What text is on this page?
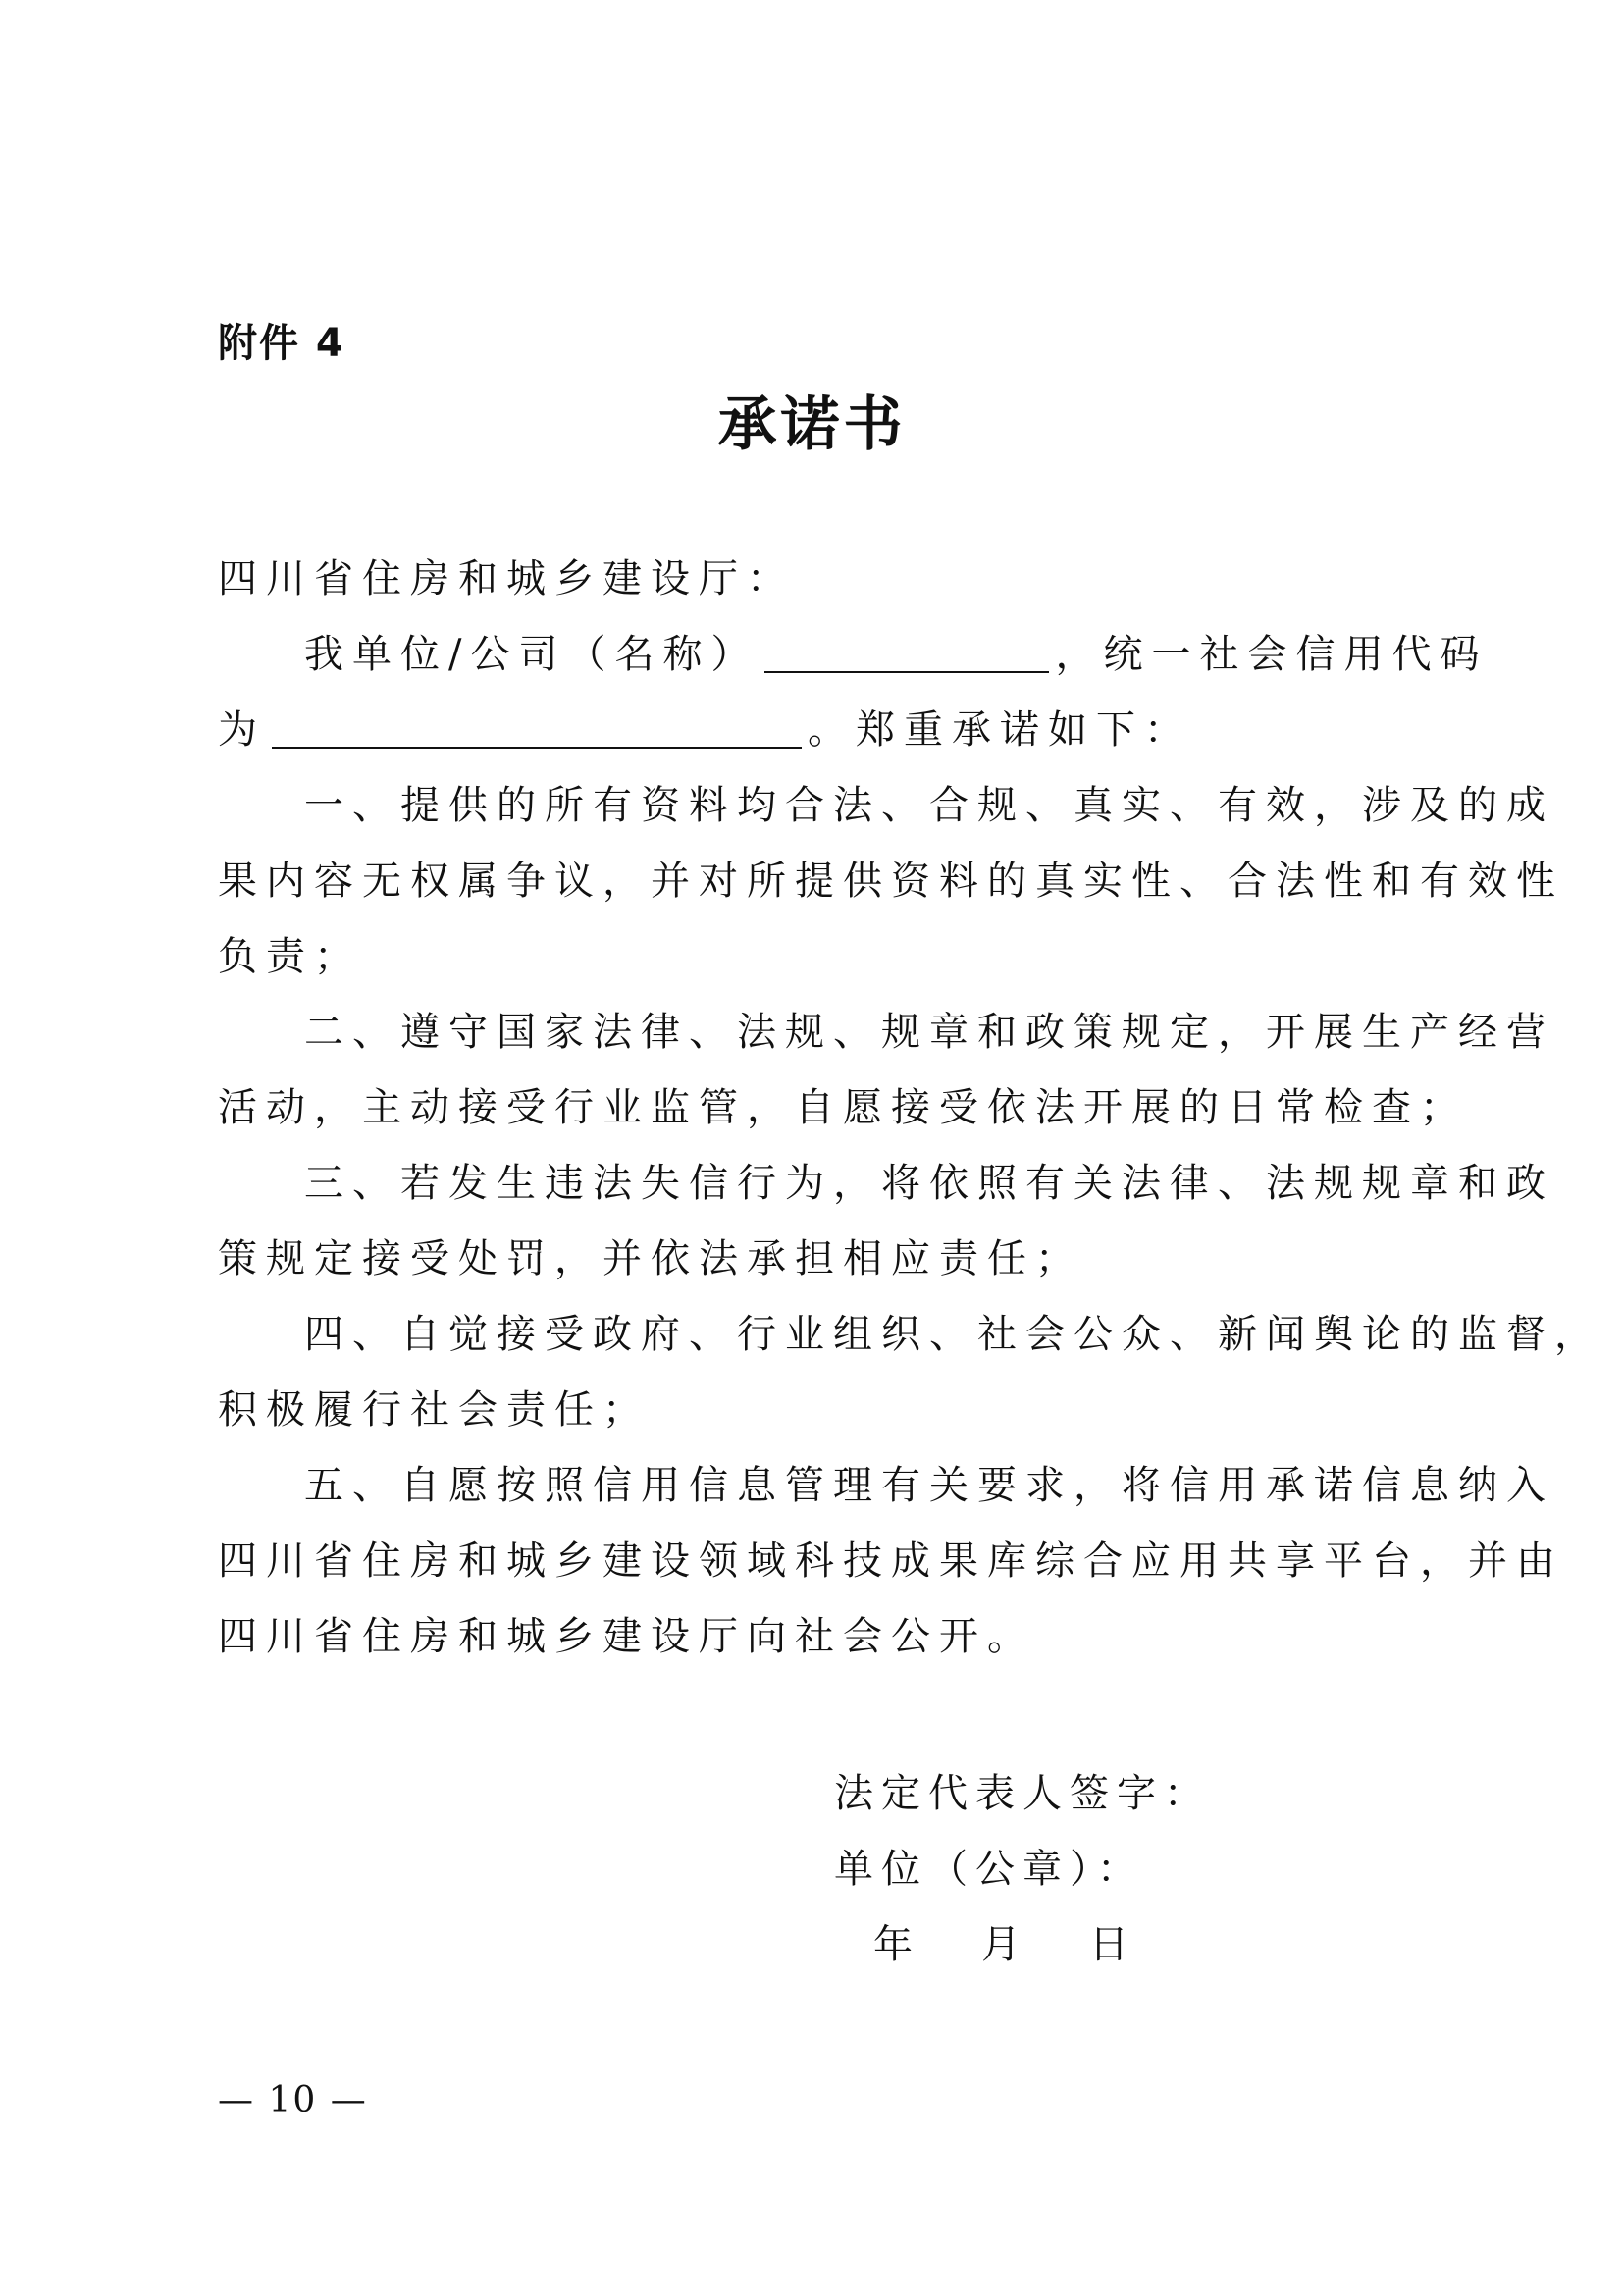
附件 4
承诺书
四川省住房和城乡建设厅：
我单位/公司（名称）	，统一社会信用代码
为	。郑重承诺如下：
一、提供的所有资料均合法、合规、真实、有效，涉及的成
果内容无权属争议，并对所提供资料的真实性、合法性和有效性
负责；
二、遵守国家法律、法规、规章和政策规定，开展生产经营
活动，主动接受行业监管，自愿接受依法开展的日常检查；
三、若发生违法失信行为，将依照有关法律、法规规章和政
策规定接受处罚，并依法承担相应责任；
四、自觉接受政府、行业组织、社会公众、新闻舆论的监督，
积极履行社会责任；
五、自愿按照信用信息管理有关要求，将信用承诺信息纳入
四川省住房和城乡建设领域科技成果库综合应用共享平台，并由
四川省住房和城乡建设厅向社会公开。
法定代表人签字：
单位（公章）：
年 月 日
— 10 —
